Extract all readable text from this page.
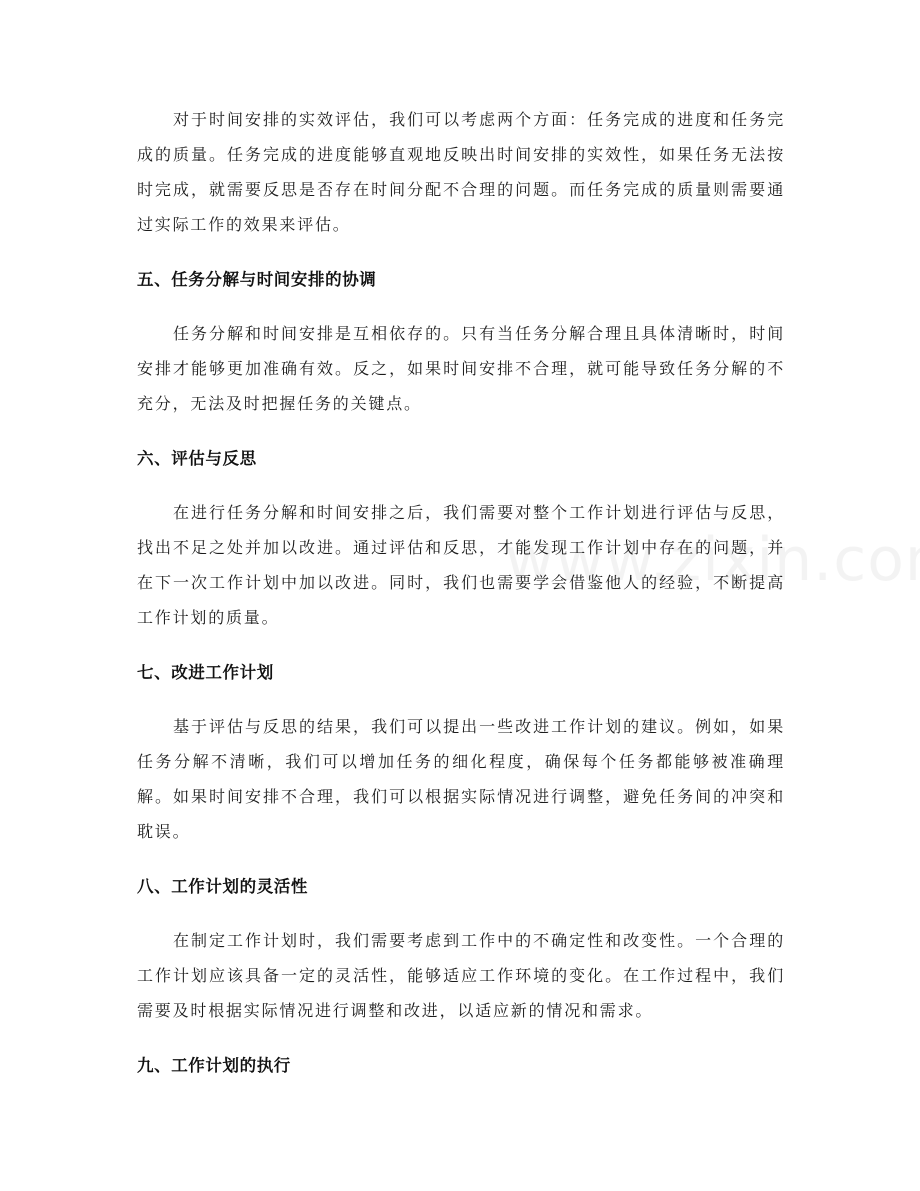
对于时间安排的实效评估，我们可以考虑两个方面：任务完成的进度和任务完成的质量。任务完成的进度能够直观地反映出时间安排的实效性，如果任务无法按时完成，就需要反思是否存在时间分配不合理的问题。而任务完成的质量则需要通过实际工作的效果来评估。

五、任务分解与时间安排的协调

任务分解和时间安排是互相依存的。只有当任务分解合理且具体清晰时，时间安排才能够更加准确有效。反之，如果时间安排不合理，就可能导致任务分解的不充分，无法及时把握任务的关键点。

六、评估与反思

在进行任务分解和时间安排之后，我们需要对整个工作计划进行评估与反思，找出不足之处并加以改进。通过评估和反思，才能发现工作计划中存在的问题，并在下一次工作计划中加以改进。同时，我们也需要学会借鉴他人的经验，不断提高工作计划的质量。

七、改进工作计划

基于评估与反思的结果，我们可以提出一些改进工作计划的建议。例如，如果任务分解不清晰，我们可以增加任务的细化程度，确保每个任务都能够被准确理解。如果时间安排不合理，我们可以根据实际情况进行调整，避免任务间的冲突和耽误。

八、工作计划的灵活性

在制定工作计划时，我们需要考虑到工作中的不确定性和改变性。一个合理的工作计划应该具备一定的灵活性，能够适应工作环境的变化。在工作过程中，我们需要及时根据实际情况进行调整和改进，以适应新的情况和需求。

九、工作计划的执行
